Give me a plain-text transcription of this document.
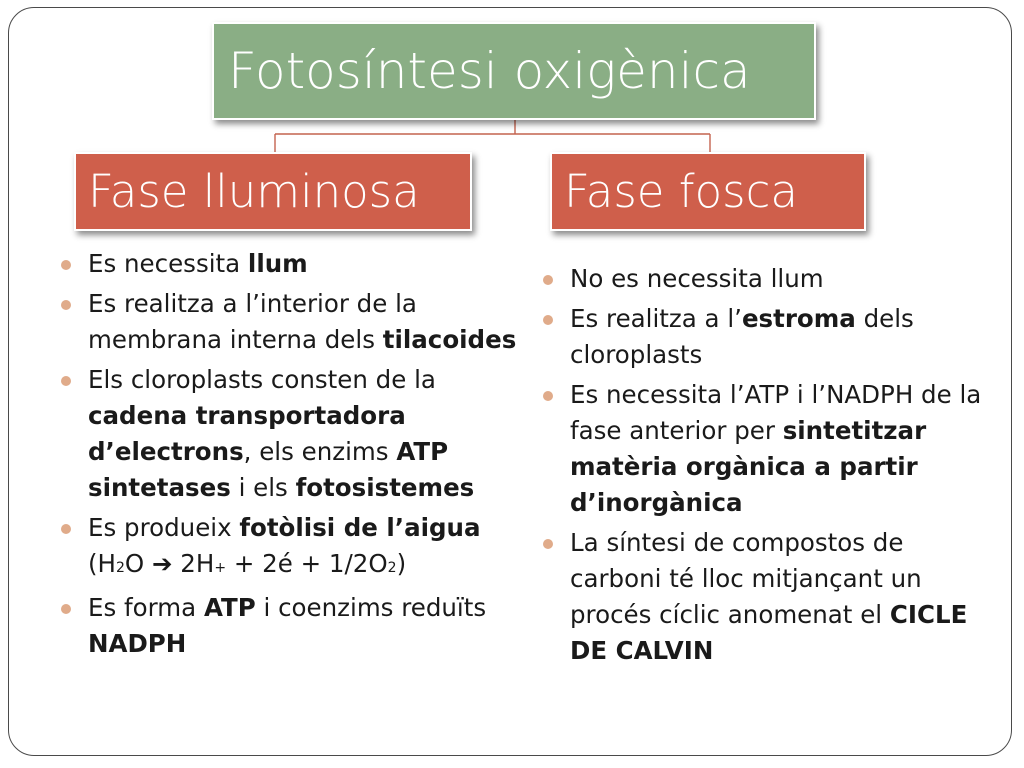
Fotosíntesi oxigènica
Fase lluminosa	Fase fosca
Es necessita llum
Es realitza a l’interior de la membrana interna dels tilacoides
Els cloroplasts consten de la cadena transportadora d’electrons, els enzims ATP sintetases i els fotosistemes
Es produeix fotòlisi de l’aigua (H2O ➔ 2H+ + 2é + 1/2O2)
Es forma ATP i coenzims reduïts NADPH
No es necessita llum
Es realitza a l’estroma dels cloroplasts
Es necessita l’ATP i l’NADPH de la fase anterior per sintetitzar matèria orgànica a partir d’inorgànica
La síntesi de compostos de carboni té lloc mitjançant un procés cíclic anomenat el CICLE DE CALVIN
